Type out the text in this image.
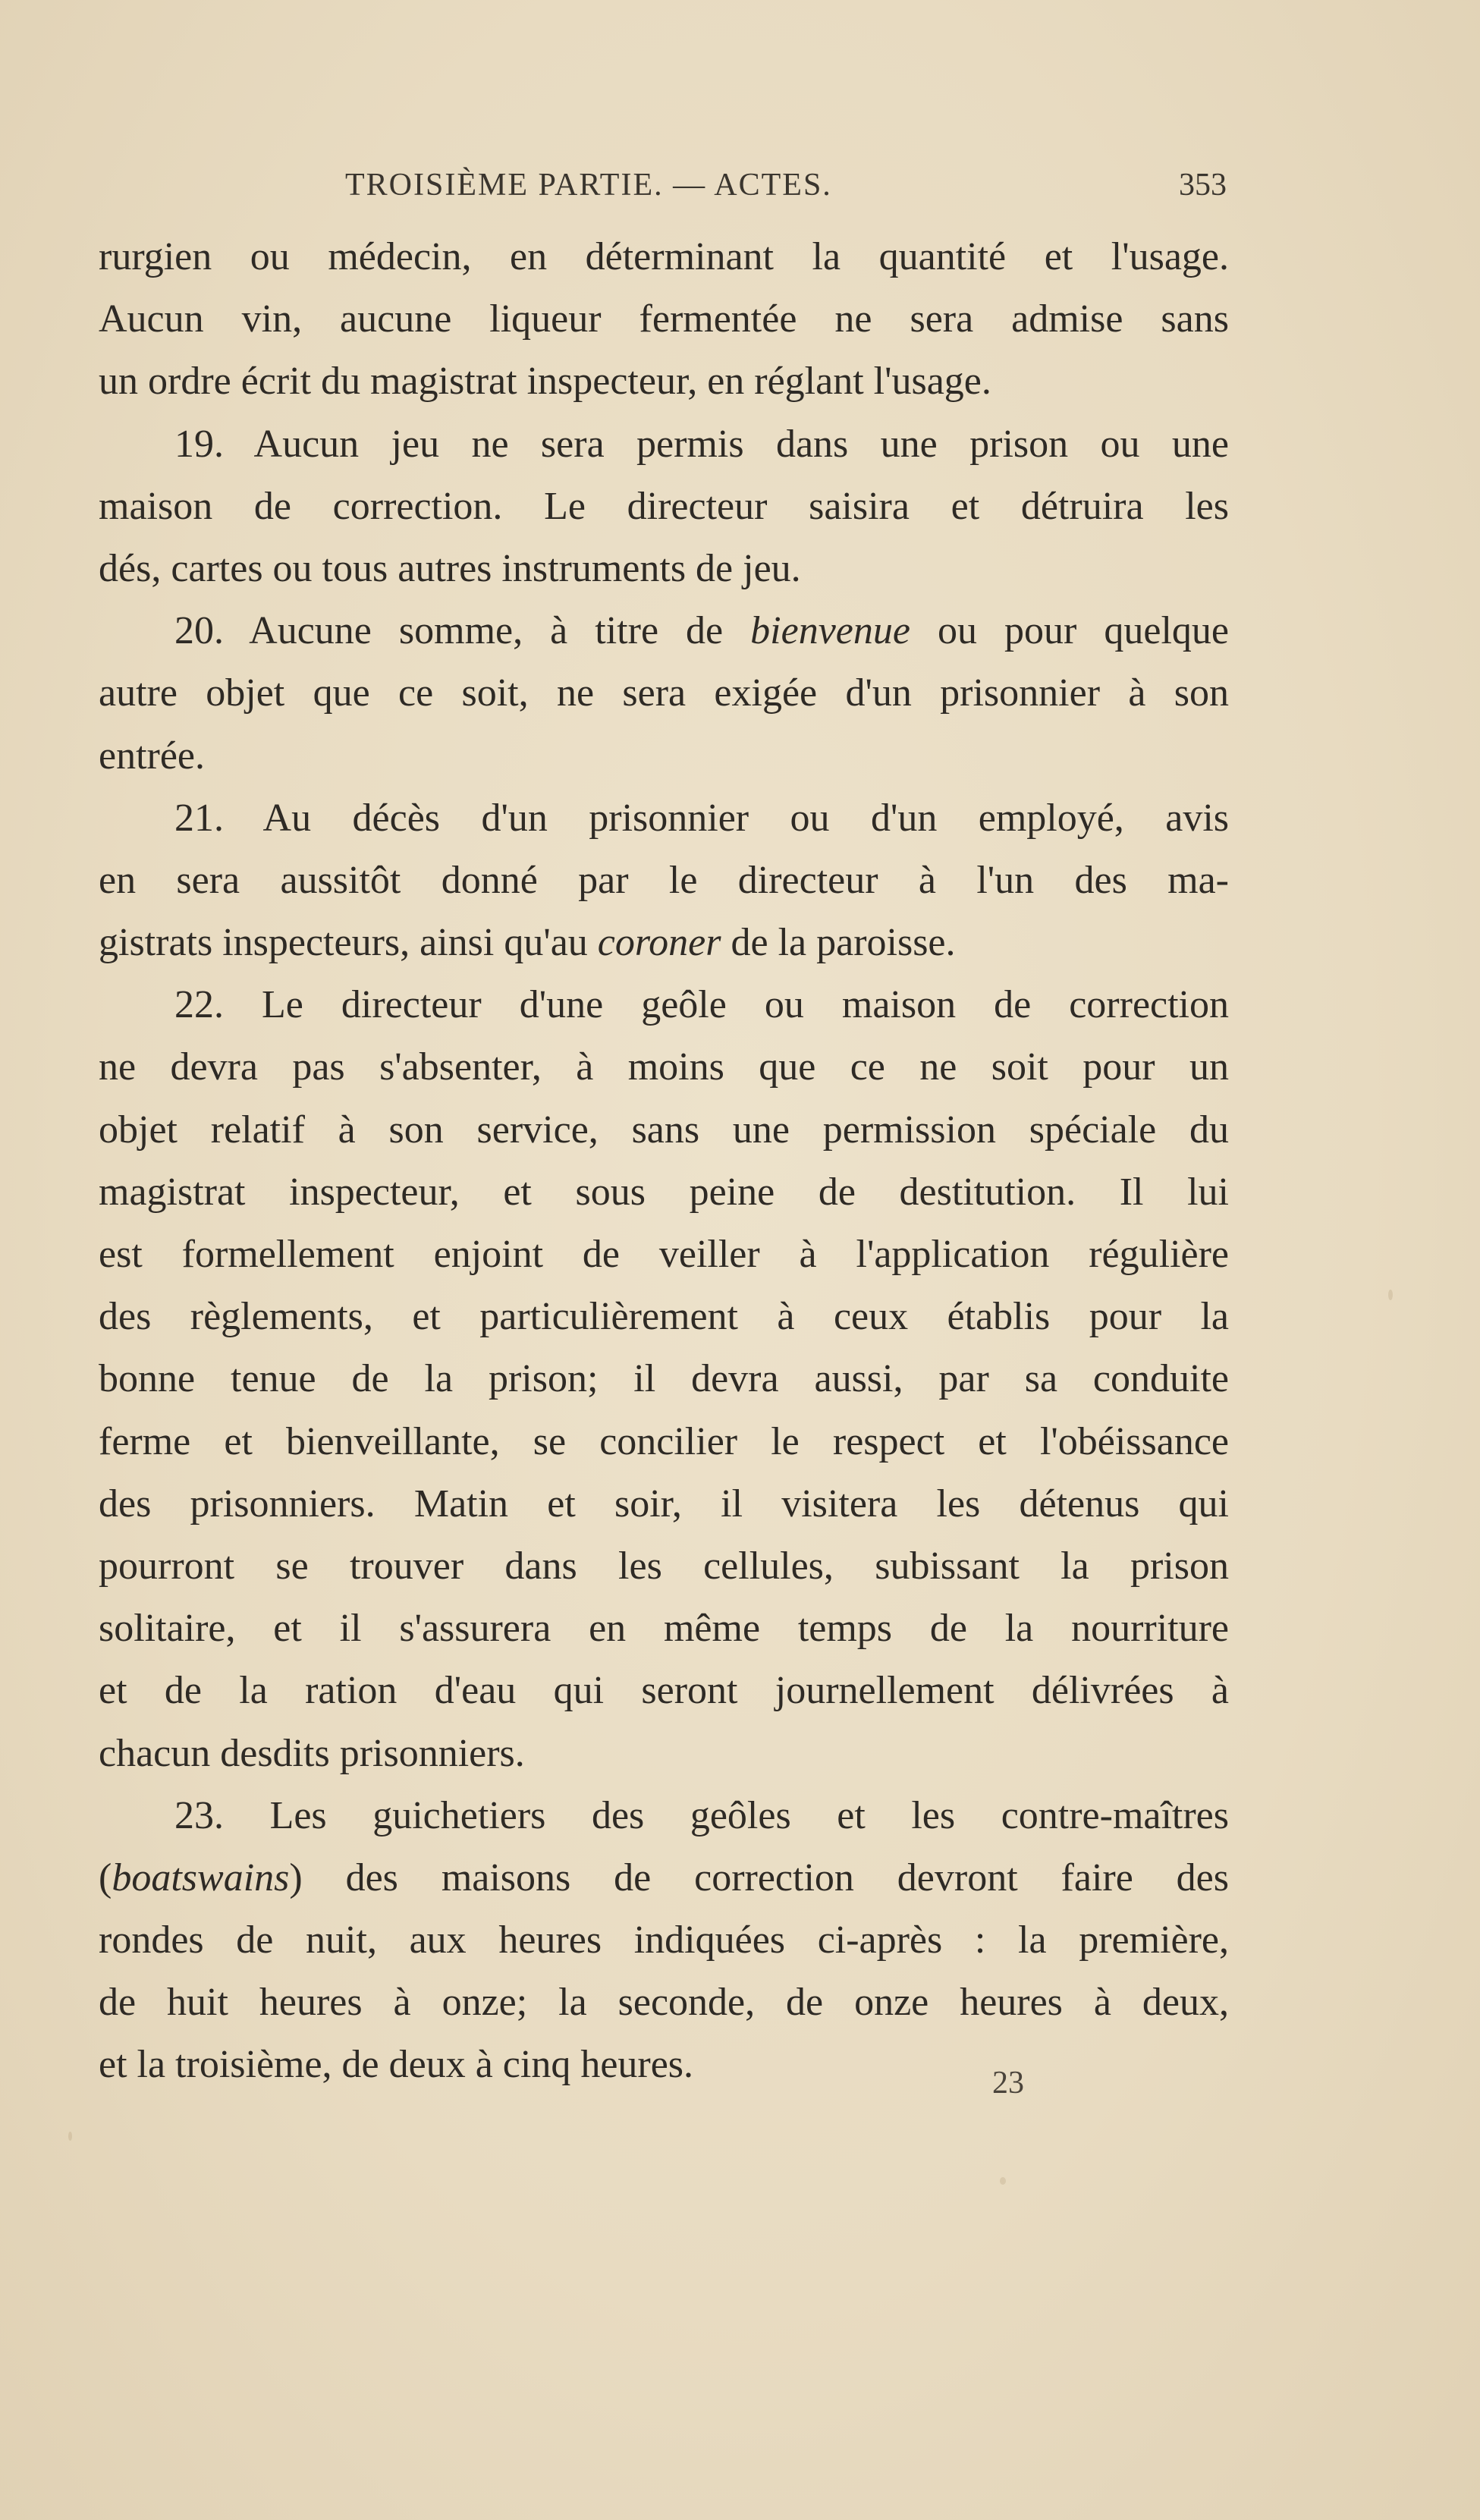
TROISIÈME PARTIE. — ACTES.	353
rurgien ou médecin, en déterminant la quantité et l'usage.
Aucun vin, aucune liqueur fermentée ne sera admise sans
un ordre écrit du magistrat inspecteur, en réglant l'usage.
19. Aucun jeu ne sera permis dans une prison ou une
maison de correction. Le directeur saisira et détruira les
dés, cartes ou tous autres instruments de jeu.
20. Aucune somme, à titre de bienvenue ou pour quelque
autre objet que ce soit, ne sera exigée d'un prisonnier à son
entrée.
21. Au décès d'un prisonnier ou d'un employé, avis
en sera aussitôt donné par le directeur à l'un des ma-
gistrats inspecteurs, ainsi qu'au coroner de la paroisse.
22. Le directeur d'une geôle ou maison de correction
ne devra pas s'absenter, à moins que ce ne soit pour un
objet relatif à son service, sans une permission spéciale du
magistrat inspecteur, et sous peine de destitution. Il lui
est formellement enjoint de veiller à l'application régulière
des règlements, et particulièrement à ceux établis pour la
bonne tenue de la prison; il devra aussi, par sa conduite
ferme et bienveillante, se concilier le respect et l'obéissance
des prisonniers. Matin et soir, il visitera les détenus qui
pourront se trouver dans les cellules, subissant la prison
solitaire, et il s'assurera en même temps de la nourriture
et de la ration d'eau qui seront journellement délivrées à
chacun desdits prisonniers.
23. Les guichetiers des geôles et les contre-maîtres
(boatswains) des maisons de correction devront faire des
rondes de nuit, aux heures indiquées ci-après : la première,
de huit heures à onze; la seconde, de onze heures à deux,
et la troisième, de deux à cinq heures.	23
